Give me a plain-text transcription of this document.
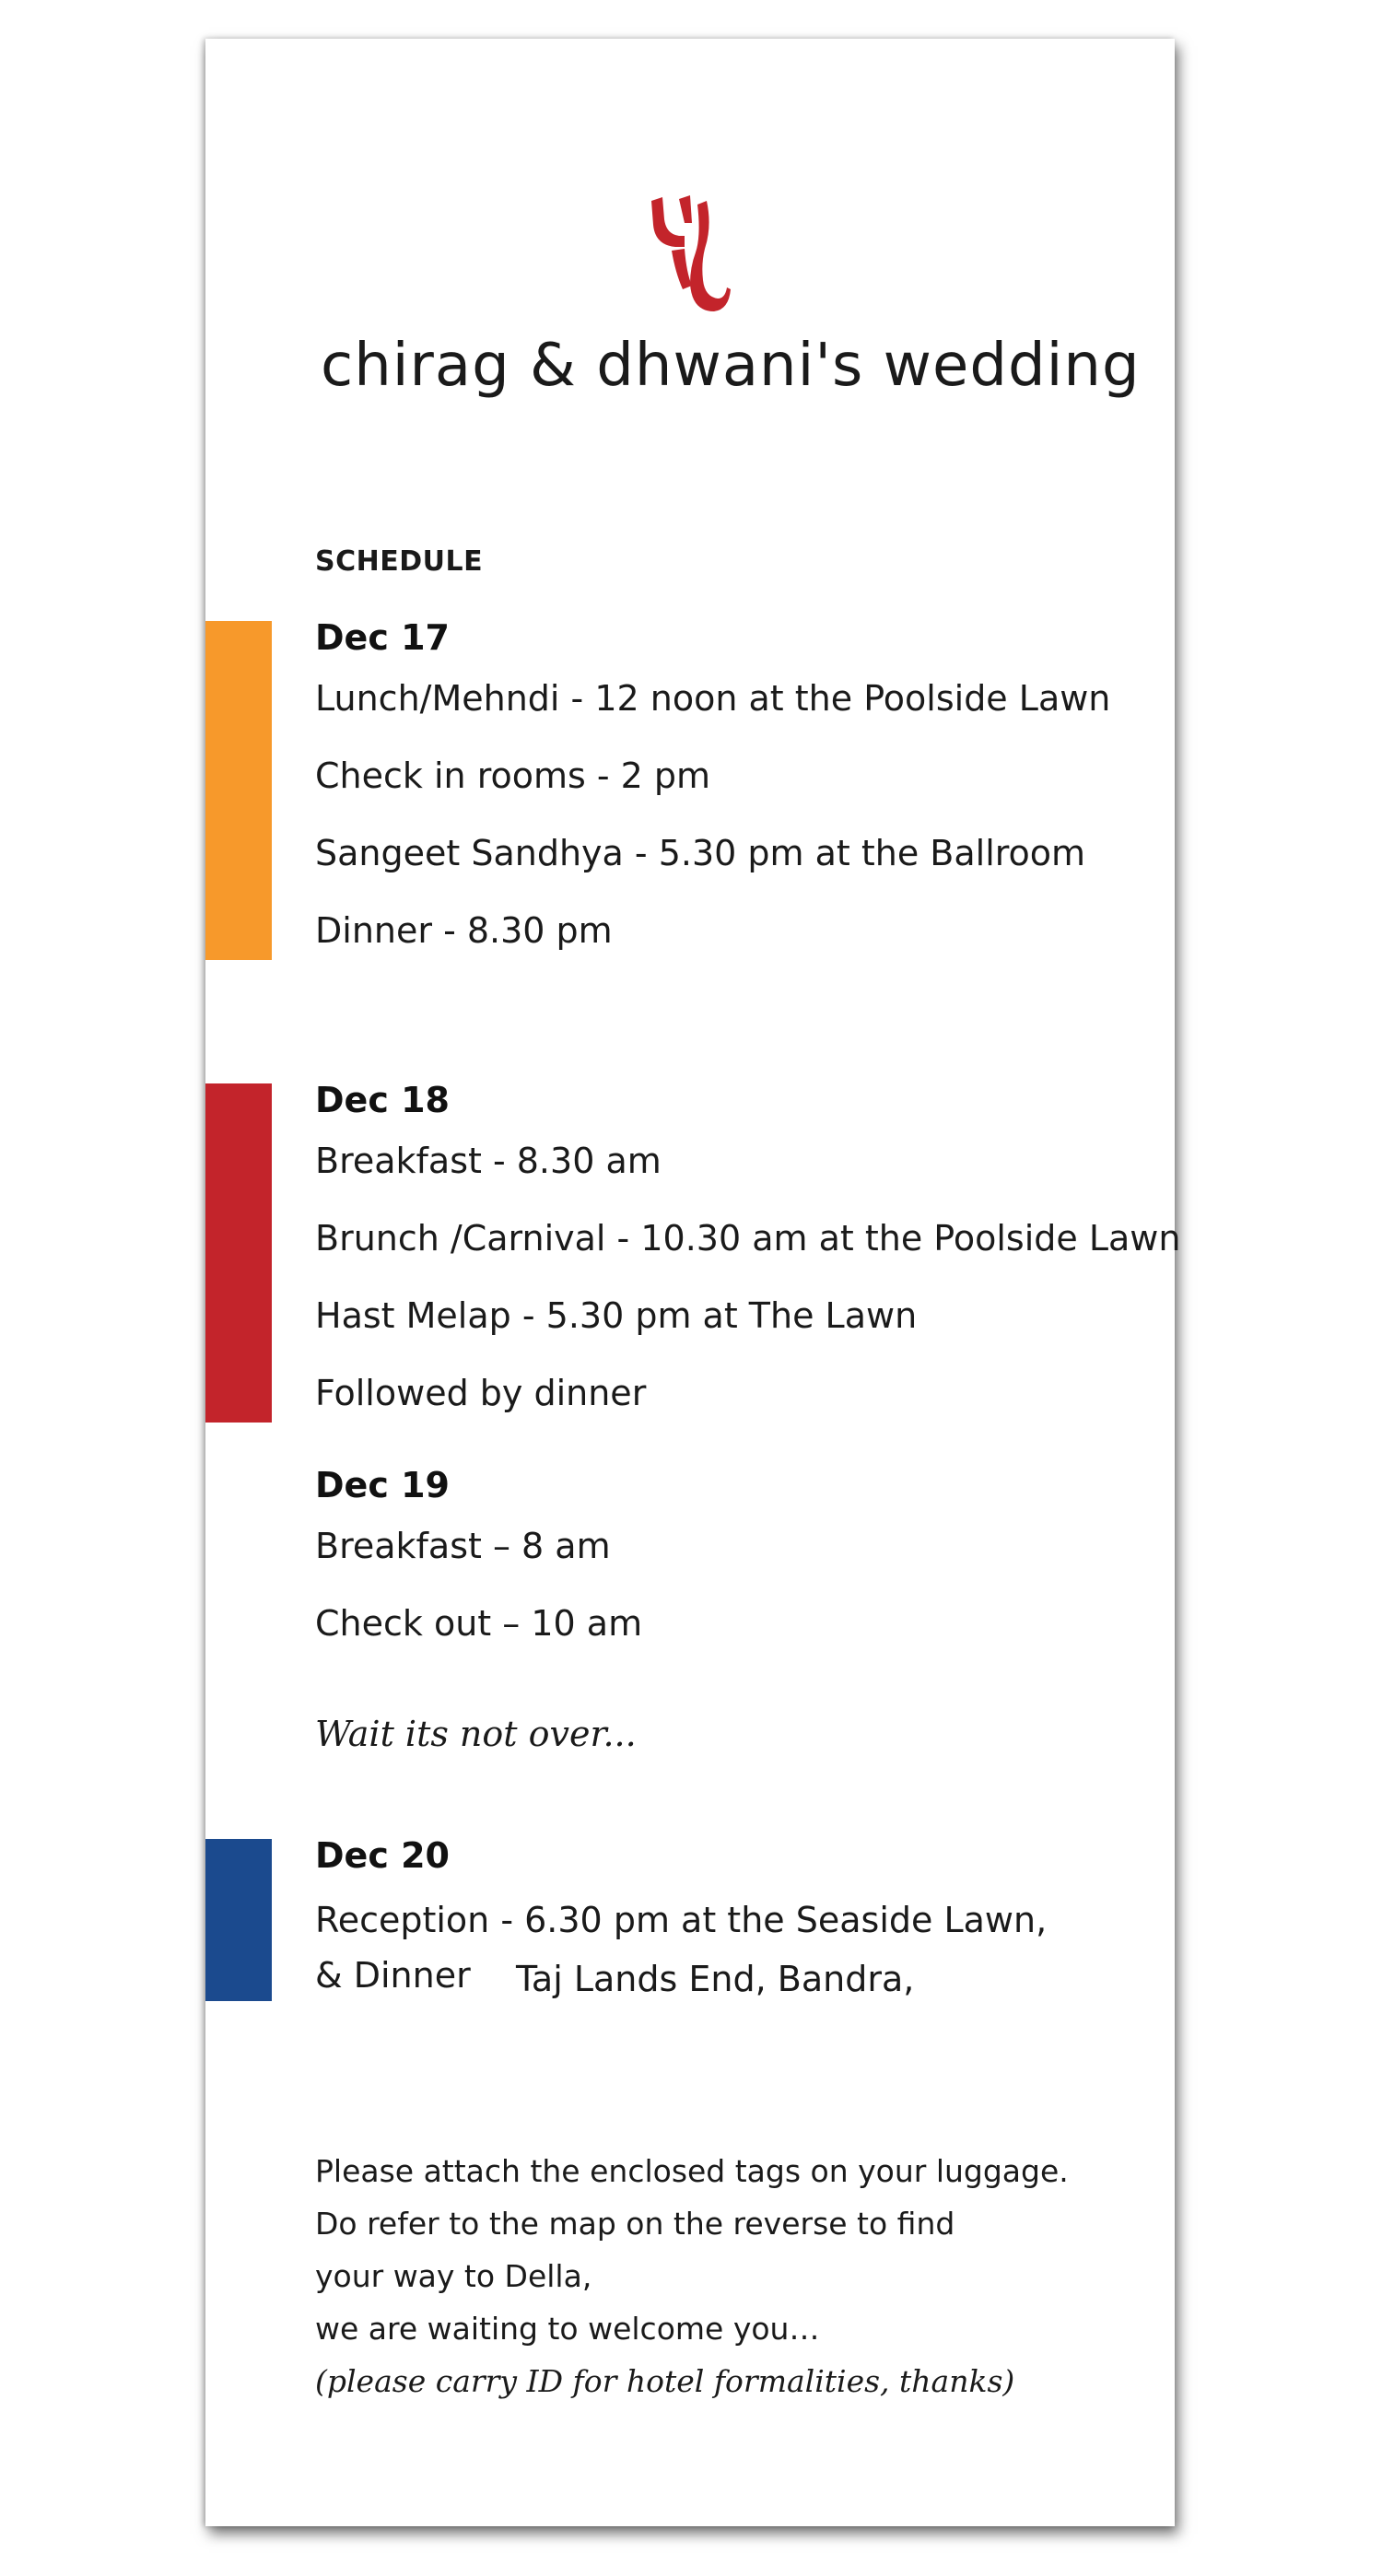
chirag & dhwani's wedding
SCHEDULE
Dec 17
Lunch/Mehndi - 12 noon at the Poolside Lawn
Check in rooms - 2 pm
Sangeet Sandhya - 5.30 pm at the Ballroom
Dinner - 8.30 pm
Dec 18
Breakfast - 8.30 am
Brunch /Carnival - 10.30 am at the Poolside Lawn
Hast Melap - 5.30 pm at The Lawn
Followed by dinner
Dec 19
Breakfast – 8 am
Check out – 10 am
Wait its not over...
Dec 20
Reception - 6.30 pm at the Seaside Lawn,
& Dinner Taj Lands End, Bandra,

Please attach the enclosed tags on your luggage.

Do refer to the map on the reverse to find

your way to Della,

we are waiting to welcome you…

(please carry ID for hotel formalities, thanks)
